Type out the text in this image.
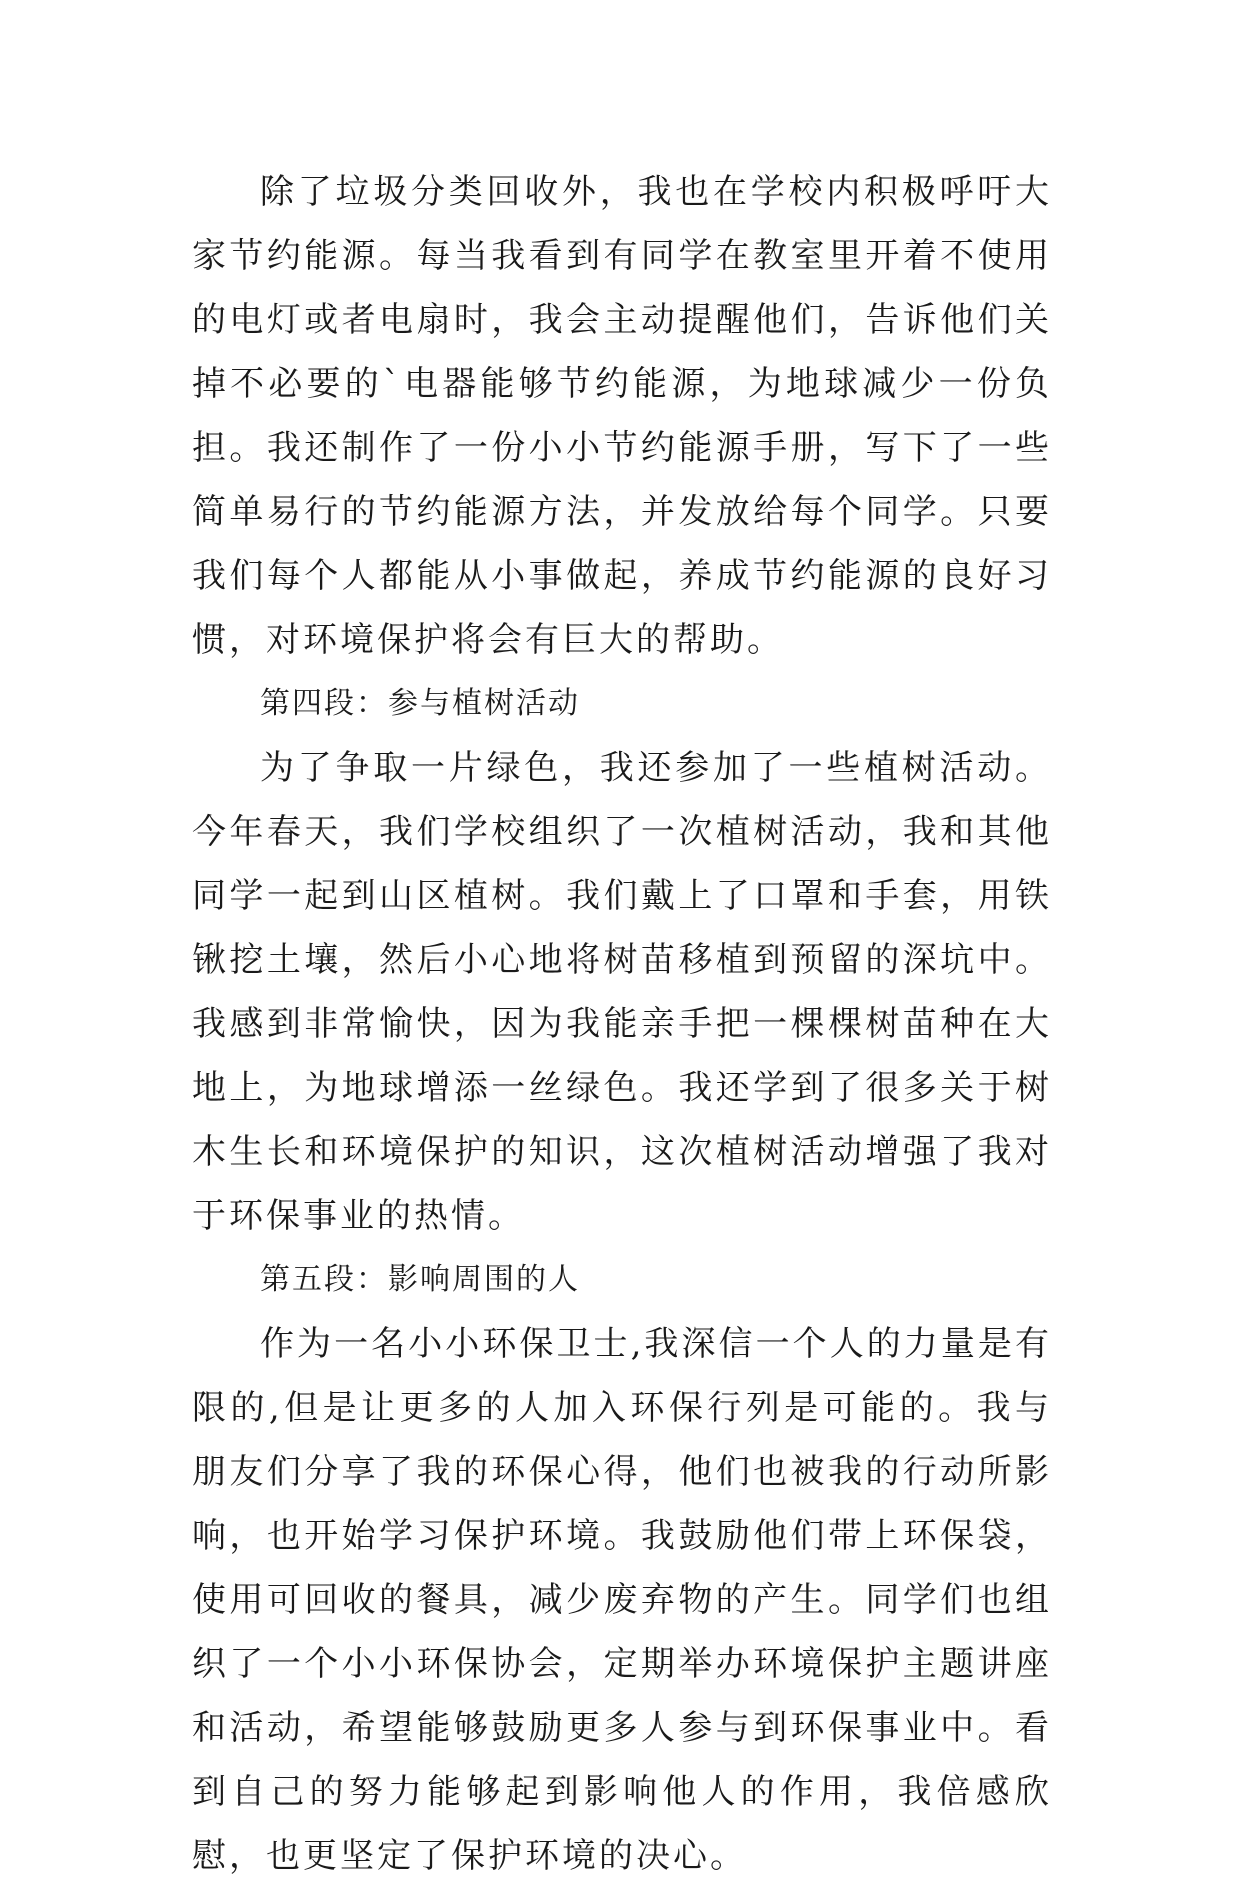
除了垃圾分类回收外，我也在学校内积极呼吁大家节约能源。每当我看到有同学在教室里开着不使用的电灯或者电扇时，我会主动提醒他们，告诉他们关掉不必要的`电器能够节约能源，为地球减少一份负担。我还制作了一份小小节约能源手册，写下了一些简单易行的节约能源方法，并发放给每个同学。只要我们每个人都能从小事做起，养成节约能源的良好习惯，对环境保护将会有巨大的帮助。

第四段：参与植树活动

为了争取一片绿色，我还参加了一些植树活动。今年春天，我们学校组织了一次植树活动，我和其他同学一起到山区植树。我们戴上了口罩和手套，用铁锹挖土壤，然后小心地将树苗移植到预留的深坑中。我感到非常愉快，因为我能亲手把一棵棵树苗种在大地上，为地球增添一丝绿色。我还学到了很多关于树木生长和环境保护的知识，这次植树活动增强了我对于环保事业的热情。

第五段：影响周围的人

作为一名小小环保卫士,我深信一个人的力量是有限的,但是让更多的人加入环保行列是可能的。我与朋友们分享了我的环保心得，他们也被我的行动所影响，也开始学习保护环境。我鼓励他们带上环保袋，使用可回收的餐具，减少废弃物的产生。同学们也组织了一个小小环保协会，定期举办环境保护主题讲座和活动，希望能够鼓励更多人参与到环保事业中。看到自己的努力能够起到影响他人的作用，我倍感欣慰，也更坚定了保护环境的决心。
